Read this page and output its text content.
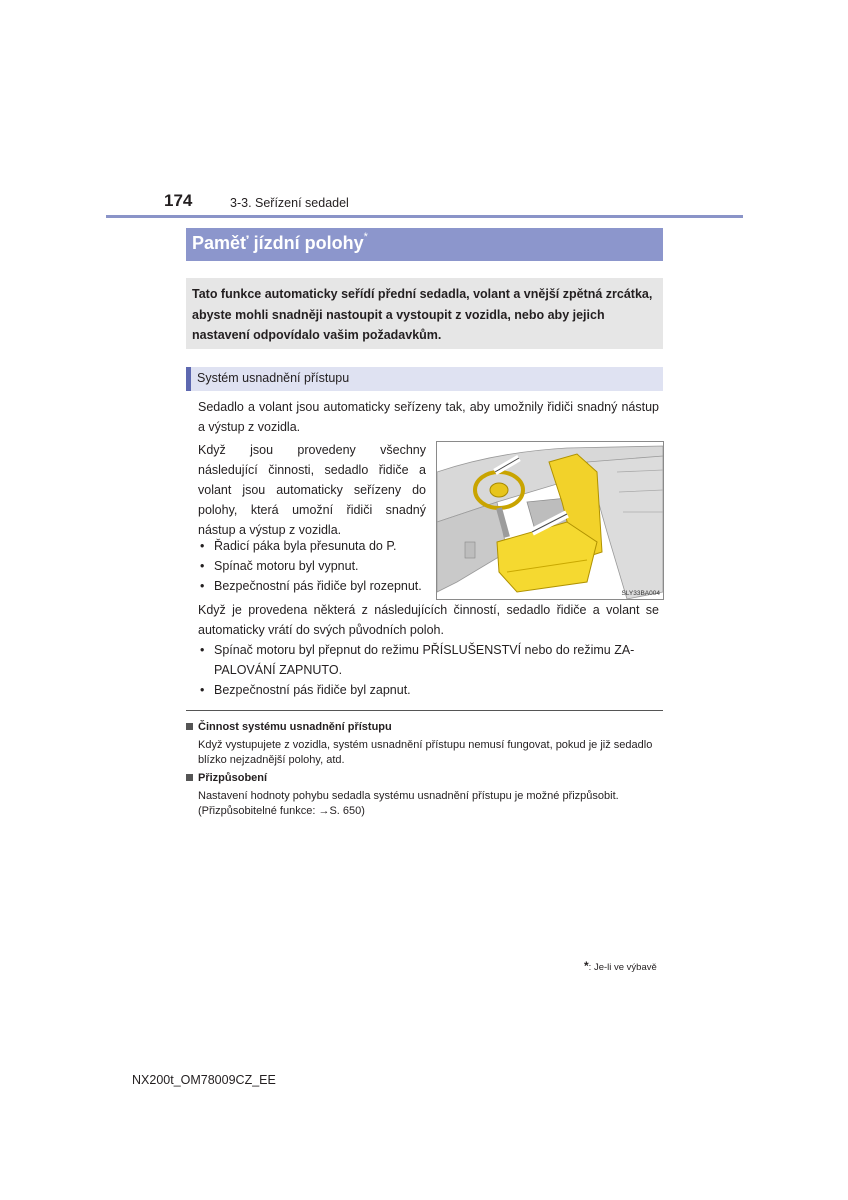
174	3-3. Seřízení sedadel
Paměť jízdní polohy*
Tato funkce automaticky seřídí přední sedadla, volant a vnější zpětná zrcátka, abyste mohli snadněji nastoupit a vystoupit z vozidla, nebo aby jejich nastavení odpovídalo vašim požadavkům.
Systém usnadnění přístupu
Sedadlo a volant jsou automaticky seřízeny tak, aby umožnily řidiči snadný nástup a výstup z vozidla.
Když jsou provedeny všechny následující činnosti, sedadlo řidiče a volant jsou automaticky seřízeny do polohy, která umožní řidiči snadný nástup a výstup z vozidla.
• Řadicí páka byla přesunuta do P.
• Spínač motoru byl vypnut.
• Bezpečnostní pás řidiče byl rozepnut.
SLY33BA004
Když je provedena některá z následujících činností, sedadlo řidiče a volant se automaticky vrátí do svých původních poloh.
• Spínač motoru byl přepnut do režimu PŘÍSLUŠENSTVÍ nebo do režimu ZA-
PALOVÁNÍ ZAPNUTO.
• Bezpečnostní pás řidiče byl zapnut.
Činnost systému usnadnění přístupu
Když vystupujete z vozidla, systém usnadnění přístupu nemusí fungovat, pokud je již sedadlo blízko nejzadnější polohy, atd.
Přizpůsobení
Nastavení hodnoty pohybu sedadla systému usnadnění přístupu je možné přizpůsobit. (Přizpůsobitelné funkce: →S. 650)
*: Je-li ve výbavě
NX200t_OM78009CZ_EE
